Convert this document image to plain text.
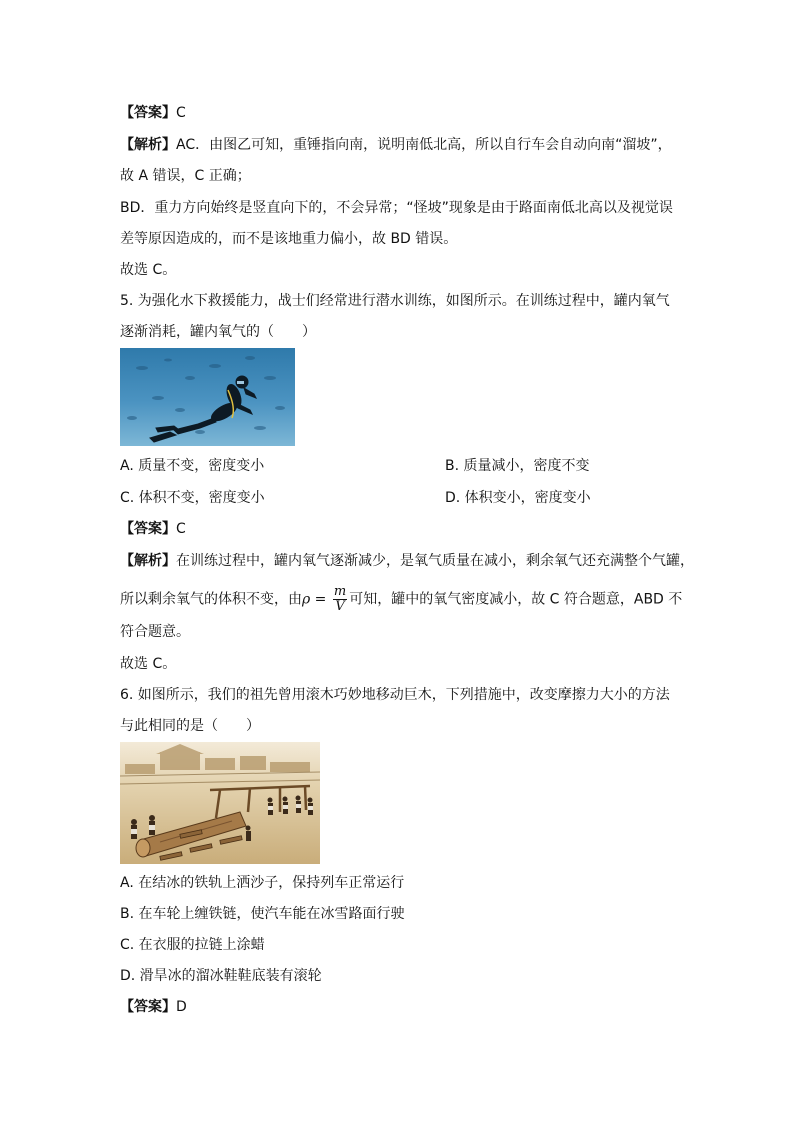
【答案】C
【解析】AC．由图乙可知，重锤指向南，说明南低北高，所以自行车会自动向南“溜坡”，
故 A 错误，C 正确；
BD．重力方向始终是竖直向下的，不会异常；“怪坡”现象是由于路面南低北高以及视觉误
差等原因造成的，而不是该地重力偏小，故 BD 错误。
故选 C。
5. 为强化水下救援能力，战士们经常进行潜水训练，如图所示。在训练过程中，罐内氧气
逐渐消耗，罐内氧气的（　　）
A. 质量不变，密度变小	B. 质量减小，密度不变
C. 体积不变，密度变小	D. 体积变小，密度变小
【答案】C
【解析】在训练过程中，罐内氧气逐渐减少，是氧气质量在减小，剩余氧气还充满整个气罐，
所以剩余氧气的体积不变，由$\rho = \frac{m}{V}$ 可知，罐中的氧气密度减小，故 C 符合题意，ABD 不
符合题意。
故选 C。
6. 如图所示，我们的祖先曾用滚木巧妙地移动巨木，下列措施中，改变摩擦力大小的方法
与此相同的是（　　）
A. 在结冰的铁轨上洒沙子，保持列车正常运行
B. 在车轮上缠铁链，使汽车能在冰雪路面行驶
C. 在衣服的拉链上涂蜡
D. 滑旱冰的溜冰鞋鞋底装有滚轮
【答案】D
